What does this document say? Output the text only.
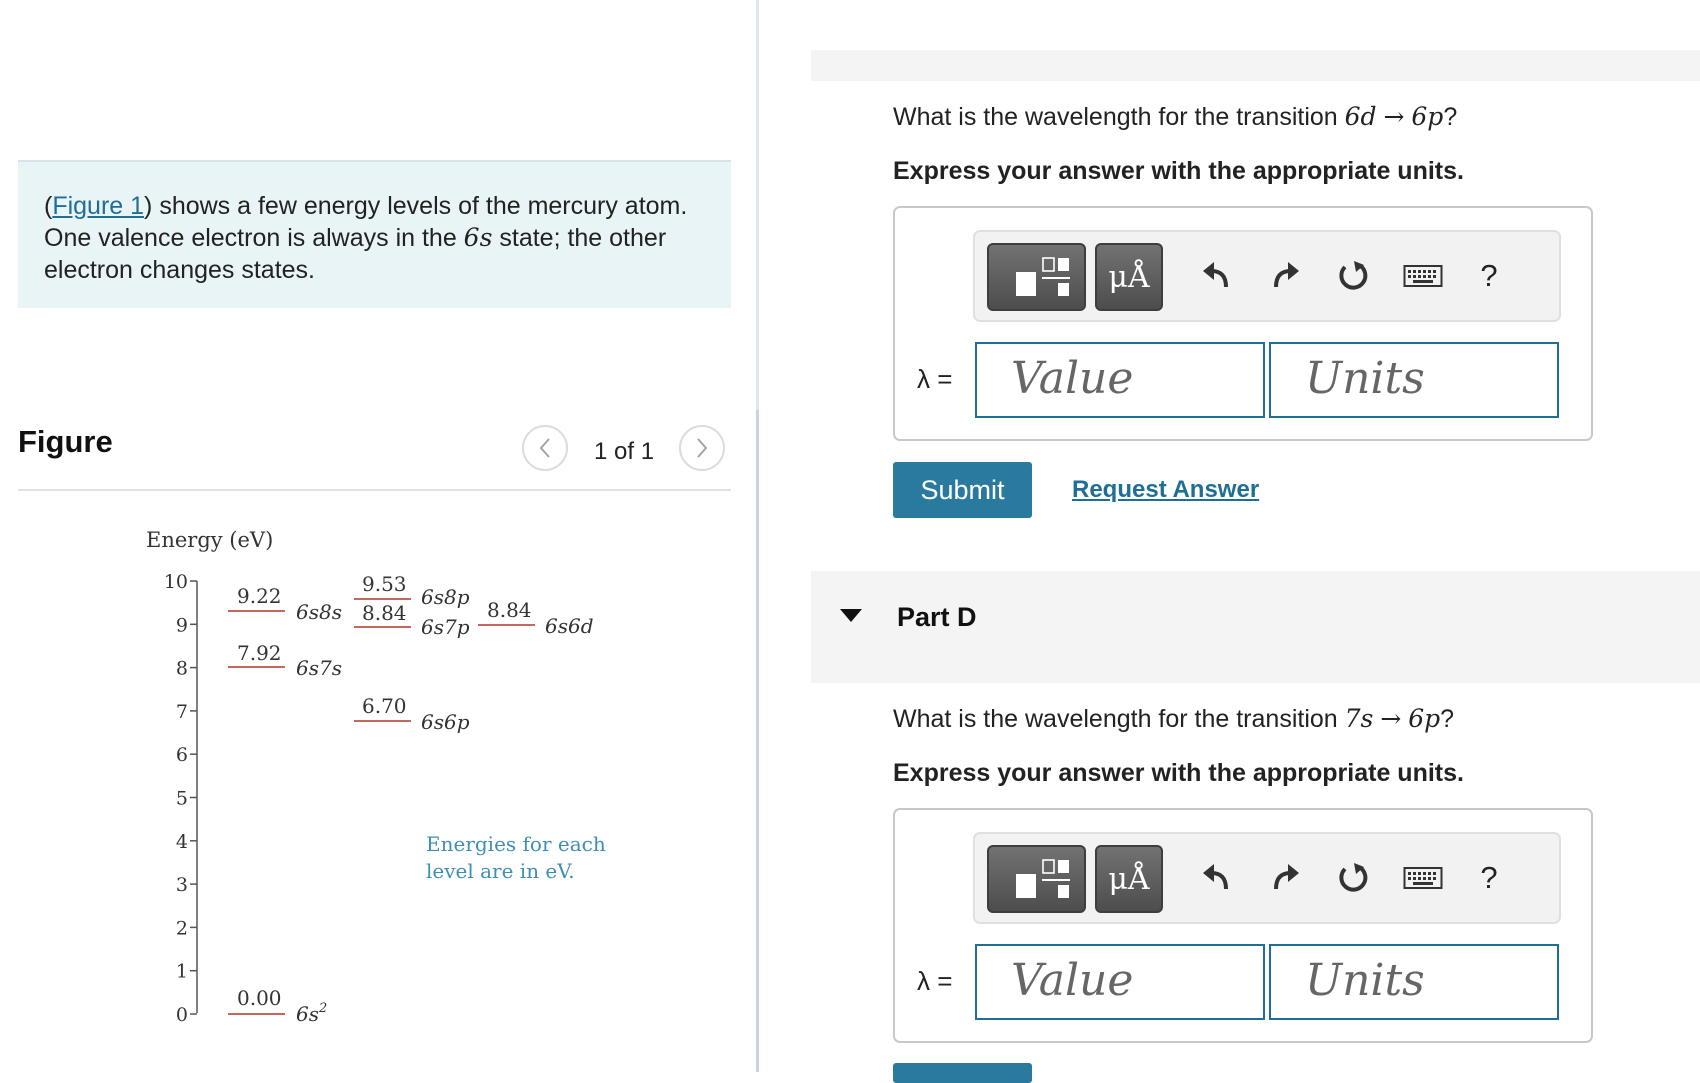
(Figure 1) shows a few energy levels of the mercury atom. One valence electron is always in the 6s state; the other electron changes states.
Figure	1 of 1
Energy (eV)
0
1
2
3
4
5
6
7
8
9
10
9.22
6s8s
7.92
6s7s
9.53
6s8p
8.84
6s7p
6.70
6s6p
8.84
6s6d
0.00
$6s^2$
Energies for each
level are in eV.
What is the wavelength for the transition 6d → 6p?
Express your answer with the appropriate units.
μÅ	?
λ =	Value	Units
Submit	Request Answer
Part D
What is the wavelength for the transition 7s → 6p?
Express your answer with the appropriate units.
μÅ	?
λ =	Value	Units
